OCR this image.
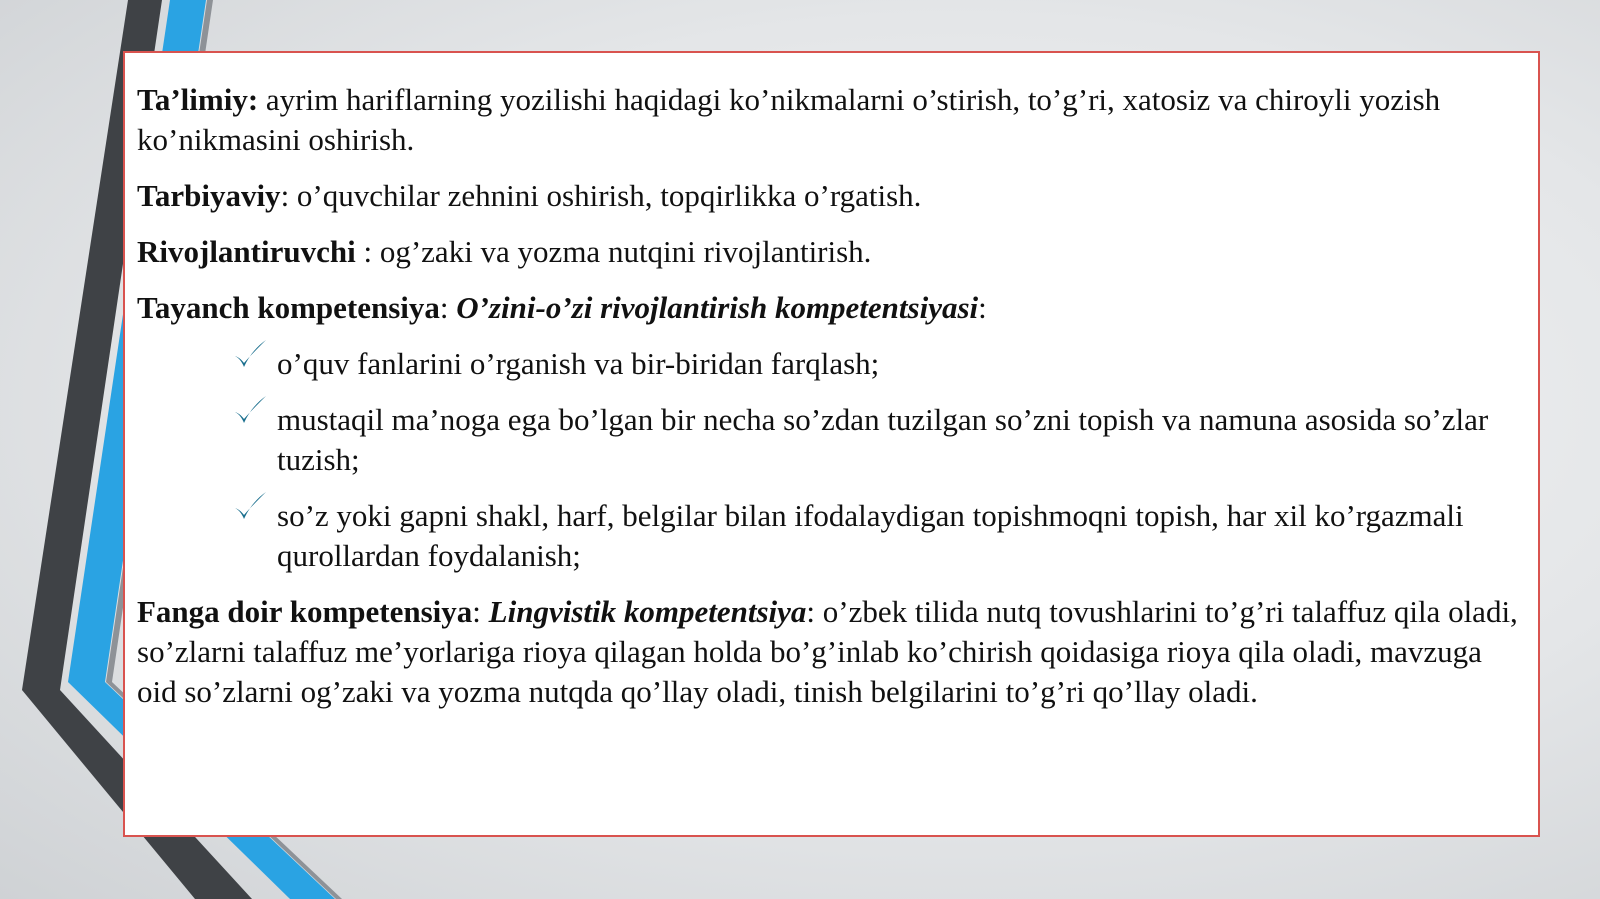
Ta’limiy: ayrim hariflarning yozilishi haqidagi ko’nikmalarni o’stirish, to’g’ri, xatosiz va chiroyli yozish ko’nikmasini oshirish.

Tarbiyaviy: o’quvchilar zehnini oshirish, topqirlikka o’rgatish.

Rivojlantiruvchi : og’zaki va yozma nutqini rivojlantirish.

Tayanch kompetensiya: O’zini-o’zi rivojlantirish kompetentsiyasi:

o’quv fanlarini o’rganish va bir-biridan farqlash;
mustaqil ma’noga ega bo’lgan bir necha so’zdan tuzilgan so’zni topish va namuna asosida so’zlar tuzish;
so’z yoki gapni shakl, harf, belgilar bilan ifodalaydigan topishmoqni topish, har xil ko’rgazmali qurollardan foydalanish;

Fanga doir kompetensiya: Lingvistik kompetentsiya: o’zbek tilida nutq tovushlarini to’g’ri talaffuz qila oladi, so’zlarni talaffuz me’yorlariga rioya qilagan holda bo’g’inlab ko’chirish qoidasiga rioya qila oladi, mavzuga oid so’zlarni og’zaki va yozma nutqda qo’llay oladi, tinish belgilarini to’g’ri qo’llay oladi.
